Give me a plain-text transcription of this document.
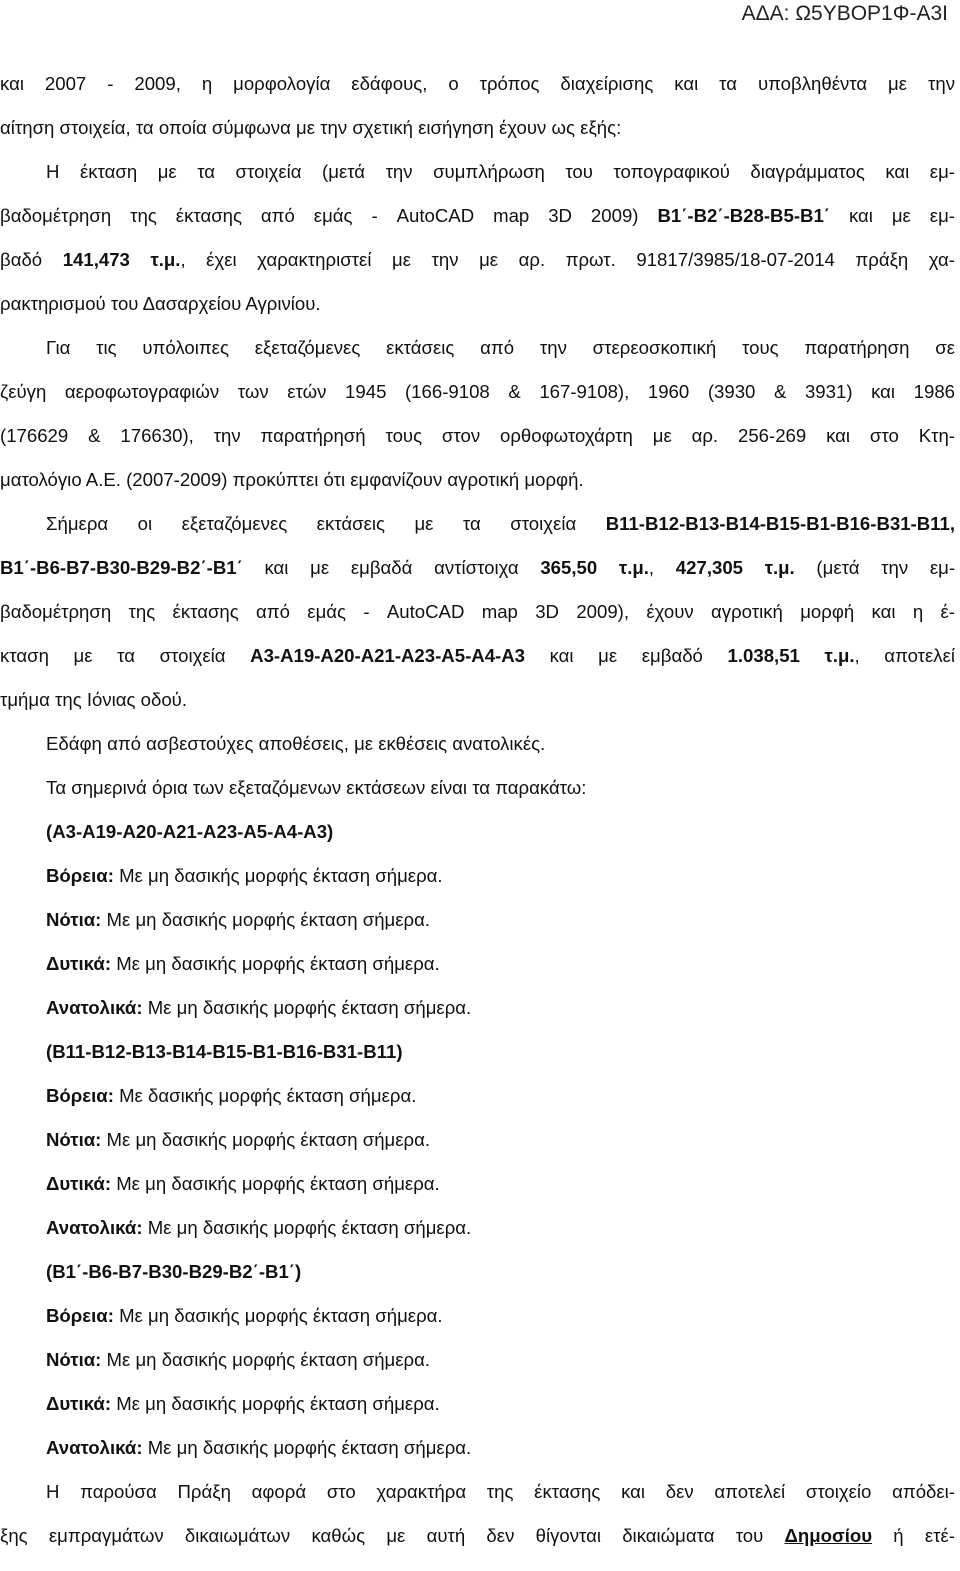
ΑΔΑ: Ω5ΥΒΟΡ1Φ-Α3Ι
και 2007 - 2009, η μορφολογία εδάφους, ο τρόπος διαχείρισης και τα υποβληθέντα με την
αίτηση στοιχεία, τα οποία σύμφωνα με την σχετική εισήγηση έχουν ως εξής:
Η έκταση με τα στοιχεία (μετά την συμπλήρωση του τοπογραφικού διαγράμματος και εμ-
βαδομέτρηση της έκτασης από εμάς - AutoCAD map 3D 2009) Β1΄-Β2΄-Β28-Β5-Β1΄ και με εμ-
βαδό 141,473 τ.μ., έχει χαρακτηριστεί με την με αρ. πρωτ. 91817/3985/18-07-2014 πράξη χα-
ρακτηρισμού του Δασαρχείου Αγρινίου.
Για τις υπόλοιπες εξεταζόμενες εκτάσεις από την στερεοσκοπική τους παρατήρηση σε
ζεύγη αεροφωτογραφιών των ετών 1945 (166-9108 & 167-9108), 1960 (3930 & 3931) και 1986
(176629 & 176630), την παρατήρησή τους στον ορθοφωτοχάρτη με αρ. 256-269 και στο Κτη-
ματολόγιο Α.Ε. (2007-2009) προκύπτει ότι εμφανίζουν αγροτική μορφή.
Σήμερα οι εξεταζόμενες εκτάσεις με τα στοιχεία Β11-Β12-Β13-Β14-Β15-Β1-Β16-Β31-Β11,
Β1΄-Β6-Β7-Β30-Β29-Β2΄-Β1΄ και με εμβαδά αντίστοιχα 365,50 τ.μ., 427,305 τ.μ. (μετά την εμ-
βαδομέτρηση της έκτασης από εμάς - AutoCAD map 3D 2009), έχουν αγροτική μορφή και η έ-
κταση με τα στοιχεία Α3-Α19-Α20-Α21-Α23-Α5-Α4-Α3 και με εμβαδό 1.038,51 τ.μ., αποτελεί
τμήμα της Ιόνιας οδού.
Εδάφη από ασβεστούχες αποθέσεις, με εκθέσεις ανατολικές.
Τα σημερινά όρια των εξεταζόμενων εκτάσεων είναι τα παρακάτω:
(Α3-Α19-Α20-Α21-Α23-Α5-Α4-Α3)
Βόρεια: Με μη δασικής μορφής έκταση σήμερα.
Νότια: Με μη δασικής μορφής έκταση σήμερα.
Δυτικά: Με μη δασικής μορφής έκταση σήμερα.
Ανατολικά: Με μη δασικής μορφής έκταση σήμερα.
(Β11-Β12-Β13-Β14-Β15-Β1-Β16-Β31-Β11)
Βόρεια: Με δασικής μορφής έκταση σήμερα.
Νότια: Με μη δασικής μορφής έκταση σήμερα.
Δυτικά: Με μη δασικής μορφής έκταση σήμερα.
Ανατολικά: Με μη δασικής μορφής έκταση σήμερα.
(Β1΄-Β6-Β7-Β30-Β29-Β2΄-Β1΄)
Βόρεια: Με μη δασικής μορφής έκταση σήμερα.
Νότια: Με μη δασικής μορφής έκταση σήμερα.
Δυτικά: Με μη δασικής μορφής έκταση σήμερα.
Ανατολικά: Με μη δασικής μορφής έκταση σήμερα.
Η παρούσα Πράξη αφορά στο χαρακτήρα της έκτασης και δεν αποτελεί στοιχείο απόδει-
ξης εμπραγμάτων δικαιωμάτων καθώς με αυτή δεν θίγονται δικαιώματα του Δημοσίου ή ετέ-
